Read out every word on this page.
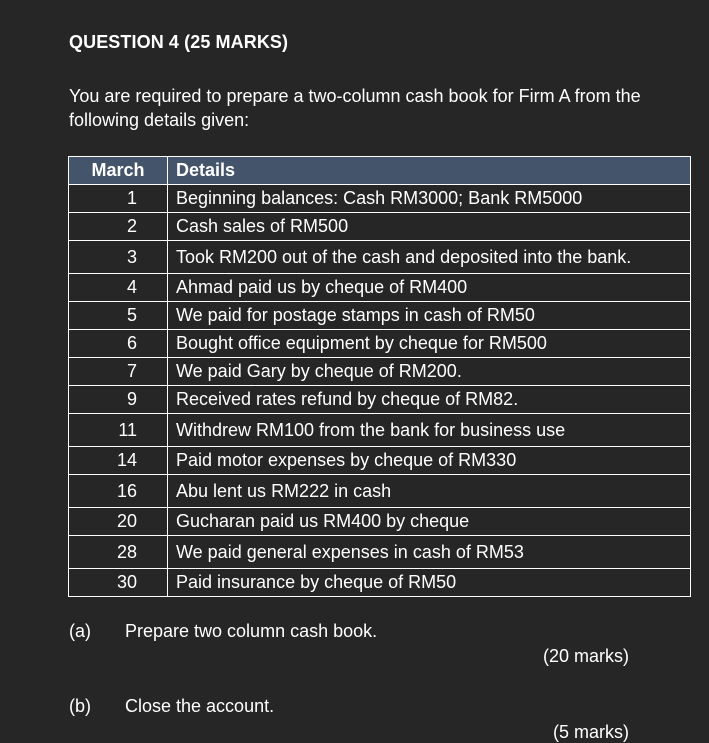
QUESTION 4 (25 MARKS)
You are required to prepare a two-column cash book for Firm A from the following details given:
March	Details
1	Beginning balances: Cash RM3000; Bank RM5000
2	Cash sales of RM500
3	Took RM200 out of the cash and deposited into the bank.
4	Ahmad paid us by cheque of RM400
5	We paid for postage stamps in cash of RM50
6	Bought office equipment by cheque for RM500
7	We paid Gary by cheque of RM200.
9	Received rates refund by cheque of RM82.
11	Withdrew RM100 from the bank for business use
14	Paid motor expenses by cheque of RM330
16	Abu lent us RM222 in cash
20	Gucharan paid us RM400 by cheque
28	We paid general expenses in cash of RM53
30	Paid insurance by cheque of RM50
(a) Prepare two column cash book.
(20 marks)
(b) Close the account.
(5 marks)
